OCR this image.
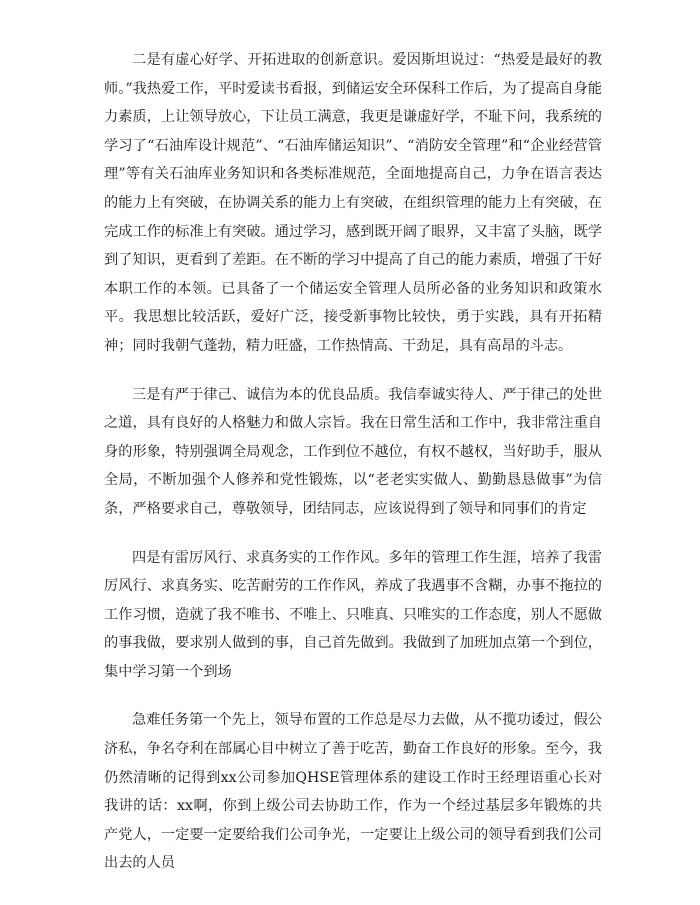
二是有虚心好学、开拓进取的创新意识。爱因斯坦说过：“热爱是最好的教师。”我热爱工作，平时爱读书看报，到储运安全环保科工作后，为了提高自身能力素质，上让领导放心，下让员工满意，我更是谦虚好学，不耻下问，我系统的学习了“石油库设计规范”、“石油库储运知识”、“消防安全管理”和“企业经营管理”等有关石油库业务知识和各类标准规范，全面地提高自己，力争在语言表达的能力上有突破，在协调关系的能力上有突破，在组织管理的能力上有突破，在完成工作的标准上有突破。通过学习，感到既开阔了眼界，又丰富了头脑，既学到了知识，更看到了差距。在不断的学习中提高了自己的能力素质，增强了干好本职工作的本领。已具备了一个储运安全管理人员所必备的业务知识和政策水平。我思想比较活跃，爱好广泛，接受新事物比较快，勇于实践，具有开拓精神；同时我朝气蓬勃，精力旺盛，工作热情高、干劲足，具有高昂的斗志。

三是有严于律己、诚信为本的优良品质。我信奉诚实待人、严于律己的处世之道，具有良好的人格魅力和做人宗旨。我在日常生活和工作中，我非常注重自身的形象，特别强调全局观念，工作到位不越位，有权不越权，当好助手，服从全局，不断加强个人修养和党性锻炼，以“老老实实做人、勤勤恳恳做事”为信条，严格要求自己，尊敬领导，团结同志，应该说得到了领导和同事们的肯定

四是有雷厉风行、求真务实的工作作风。多年的管理工作生涯，培养了我雷厉风行、求真务实、吃苦耐劳的工作作风，养成了我遇事不含糊，办事不拖拉的工作习惯，造就了我不唯书、不唯上、只唯真、只唯实的工作态度，别人不愿做的事我做，要求别人做到的事，自己首先做到。我做到了加班加点第一个到位，集中学习第一个到场

急难任务第一个先上，领导布置的工作总是尽力去做，从不揽功诿过，假公济私，争名夺利在部属心目中树立了善于吃苦，勤奋工作良好的形象。至今，我仍然清晰的记得到xx公司参加QHSE管理体系的建设工作时王经理语重心长对我讲的话：xx啊，你到上级公司去协助工作，作为一个经过基层多年锻炼的共产党人，一定要一定要给我们公司争光，一定要让上级公司的领导看到我们公司出去的人员
